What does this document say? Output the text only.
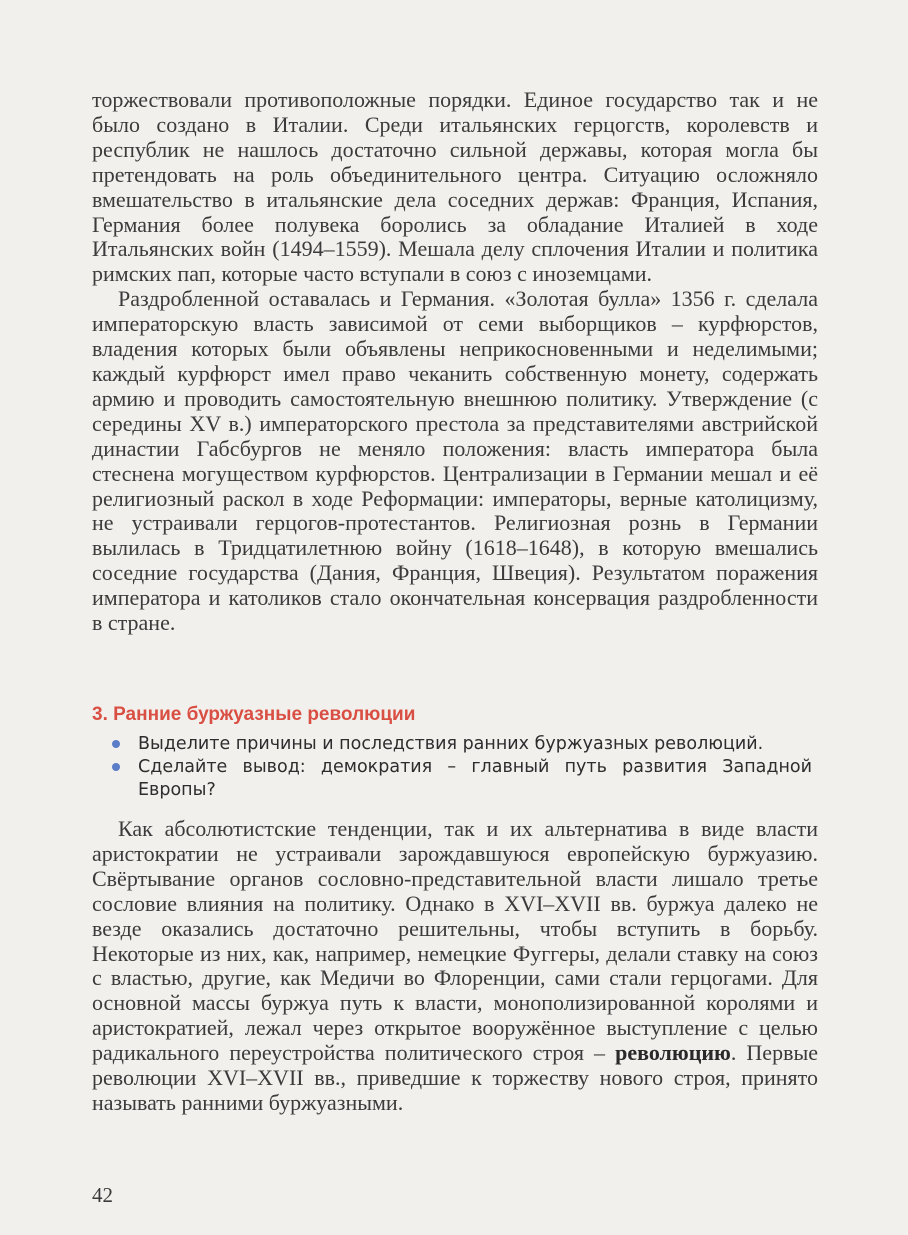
торжествовали противоположные порядки. Единое государство так и не было создано в Италии. Среди итальянских герцогств, королевств и республик не нашлось достаточно сильной державы, которая могла бы претендовать на роль объединительного центра. Ситуацию осложняло вмешательство в итальянские дела соседних держав: Франция, Испания, Германия более полувека боролись за обладание Италией в ходе Итальянских войн (1494–1559). Мешала делу сплочения Италии и политика римских пап, которые часто вступали в союз с иноземцами.

Раздробленной оставалась и Германия. «Золотая булла» 1356 г. сделала императорскую власть зависимой от семи выборщиков – курфюрстов, владения которых были объявлены неприкосновенными и неделимыми; каждый курфюрст имел право чеканить собственную монету, содержать армию и проводить самостоятельную внешнюю политику. Утверждение (с середины XV в.) императорского престола за представителями австрийской династии Габсбургов не меняло положения: власть императора была стеснена могуществом курфюрстов. Централизации в Германии мешал и её религиозный раскол в ходе Реформации: императоры, верные католицизму, не устраивали герцогов-протестантов. Религиозная рознь в Германии вылилась в Тридцатилетнюю войну (1618–1648), в которую вмешались соседние государства (Дания, Франция, Швеция). Результатом поражения императора и католиков стало окончательная консервация раздробленности в стране.

3. Ранние буржуазные революции
Выделите причины и последствия ранних буржуазных революций.
Сделайте вывод: демократия – главный путь развития Западной Европы?

Как абсолютистские тенденции, так и их альтернатива в виде власти аристократии не устраивали зарождавшуюся европейскую буржуазию. Свёртывание органов сословно-представительной власти лишало третье сословие влияния на политику. Однако в XVI–XVII вв. буржуа далеко не везде оказались достаточно решительны, чтобы вступить в борьбу. Некоторые из них, как, например, немецкие Фуггеры, делали ставку на союз с властью, другие, как Медичи во Флоренции, сами стали герцогами. Для основной массы буржуа путь к власти, монополизированной королями и аристократией, лежал через открытое вооружённое выступление с целью радикального переустройства политического строя – революцию. Первые революции XVI–XVII вв., приведшие к торжеству нового строя, принято называть ранними буржуазными.

42
